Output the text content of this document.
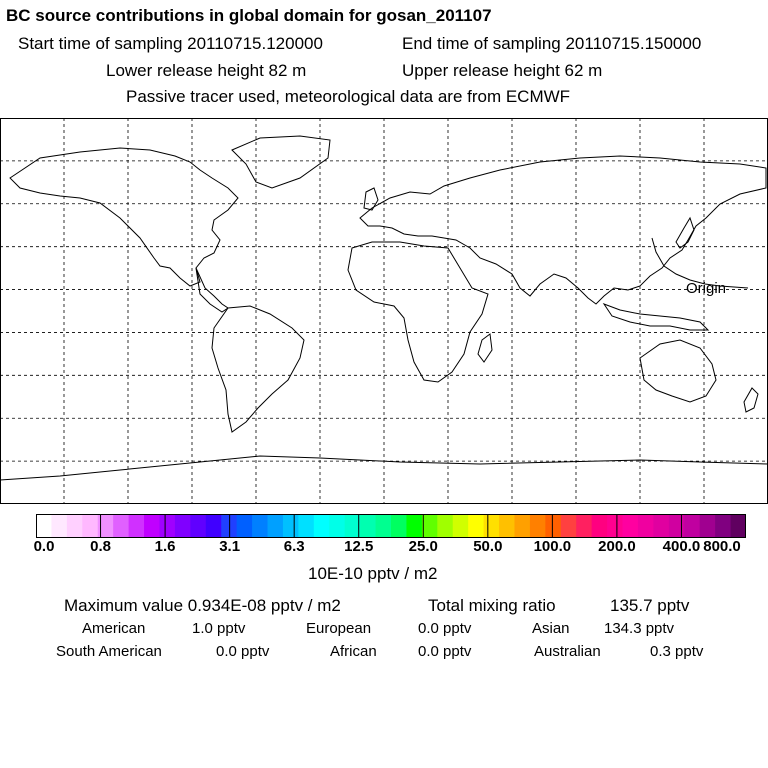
BC source contributions in global domain for gosan_201107
Start time of sampling 20110715.120000	End time of sampling 20110715.150000
Lower release height 82 m	Upper release height 62 m
Passive tracer used, meteorological data are from ECMWF
Origin
0.0 0.8	1.6	3.1	6.3	12.5 25.0 50.0 100.0 200.0 400.0 800.0
10E-10 pptv / m2
Maximum value 0.934E-08 pptv / m2	Total mixing ratio	135.7 pptv
American	1.0 pptv	European	0.0 pptv	Asian 134.3 pptv
South American	0.0 pptv	African	0.0 pptv	Australian	0.3 pptv
